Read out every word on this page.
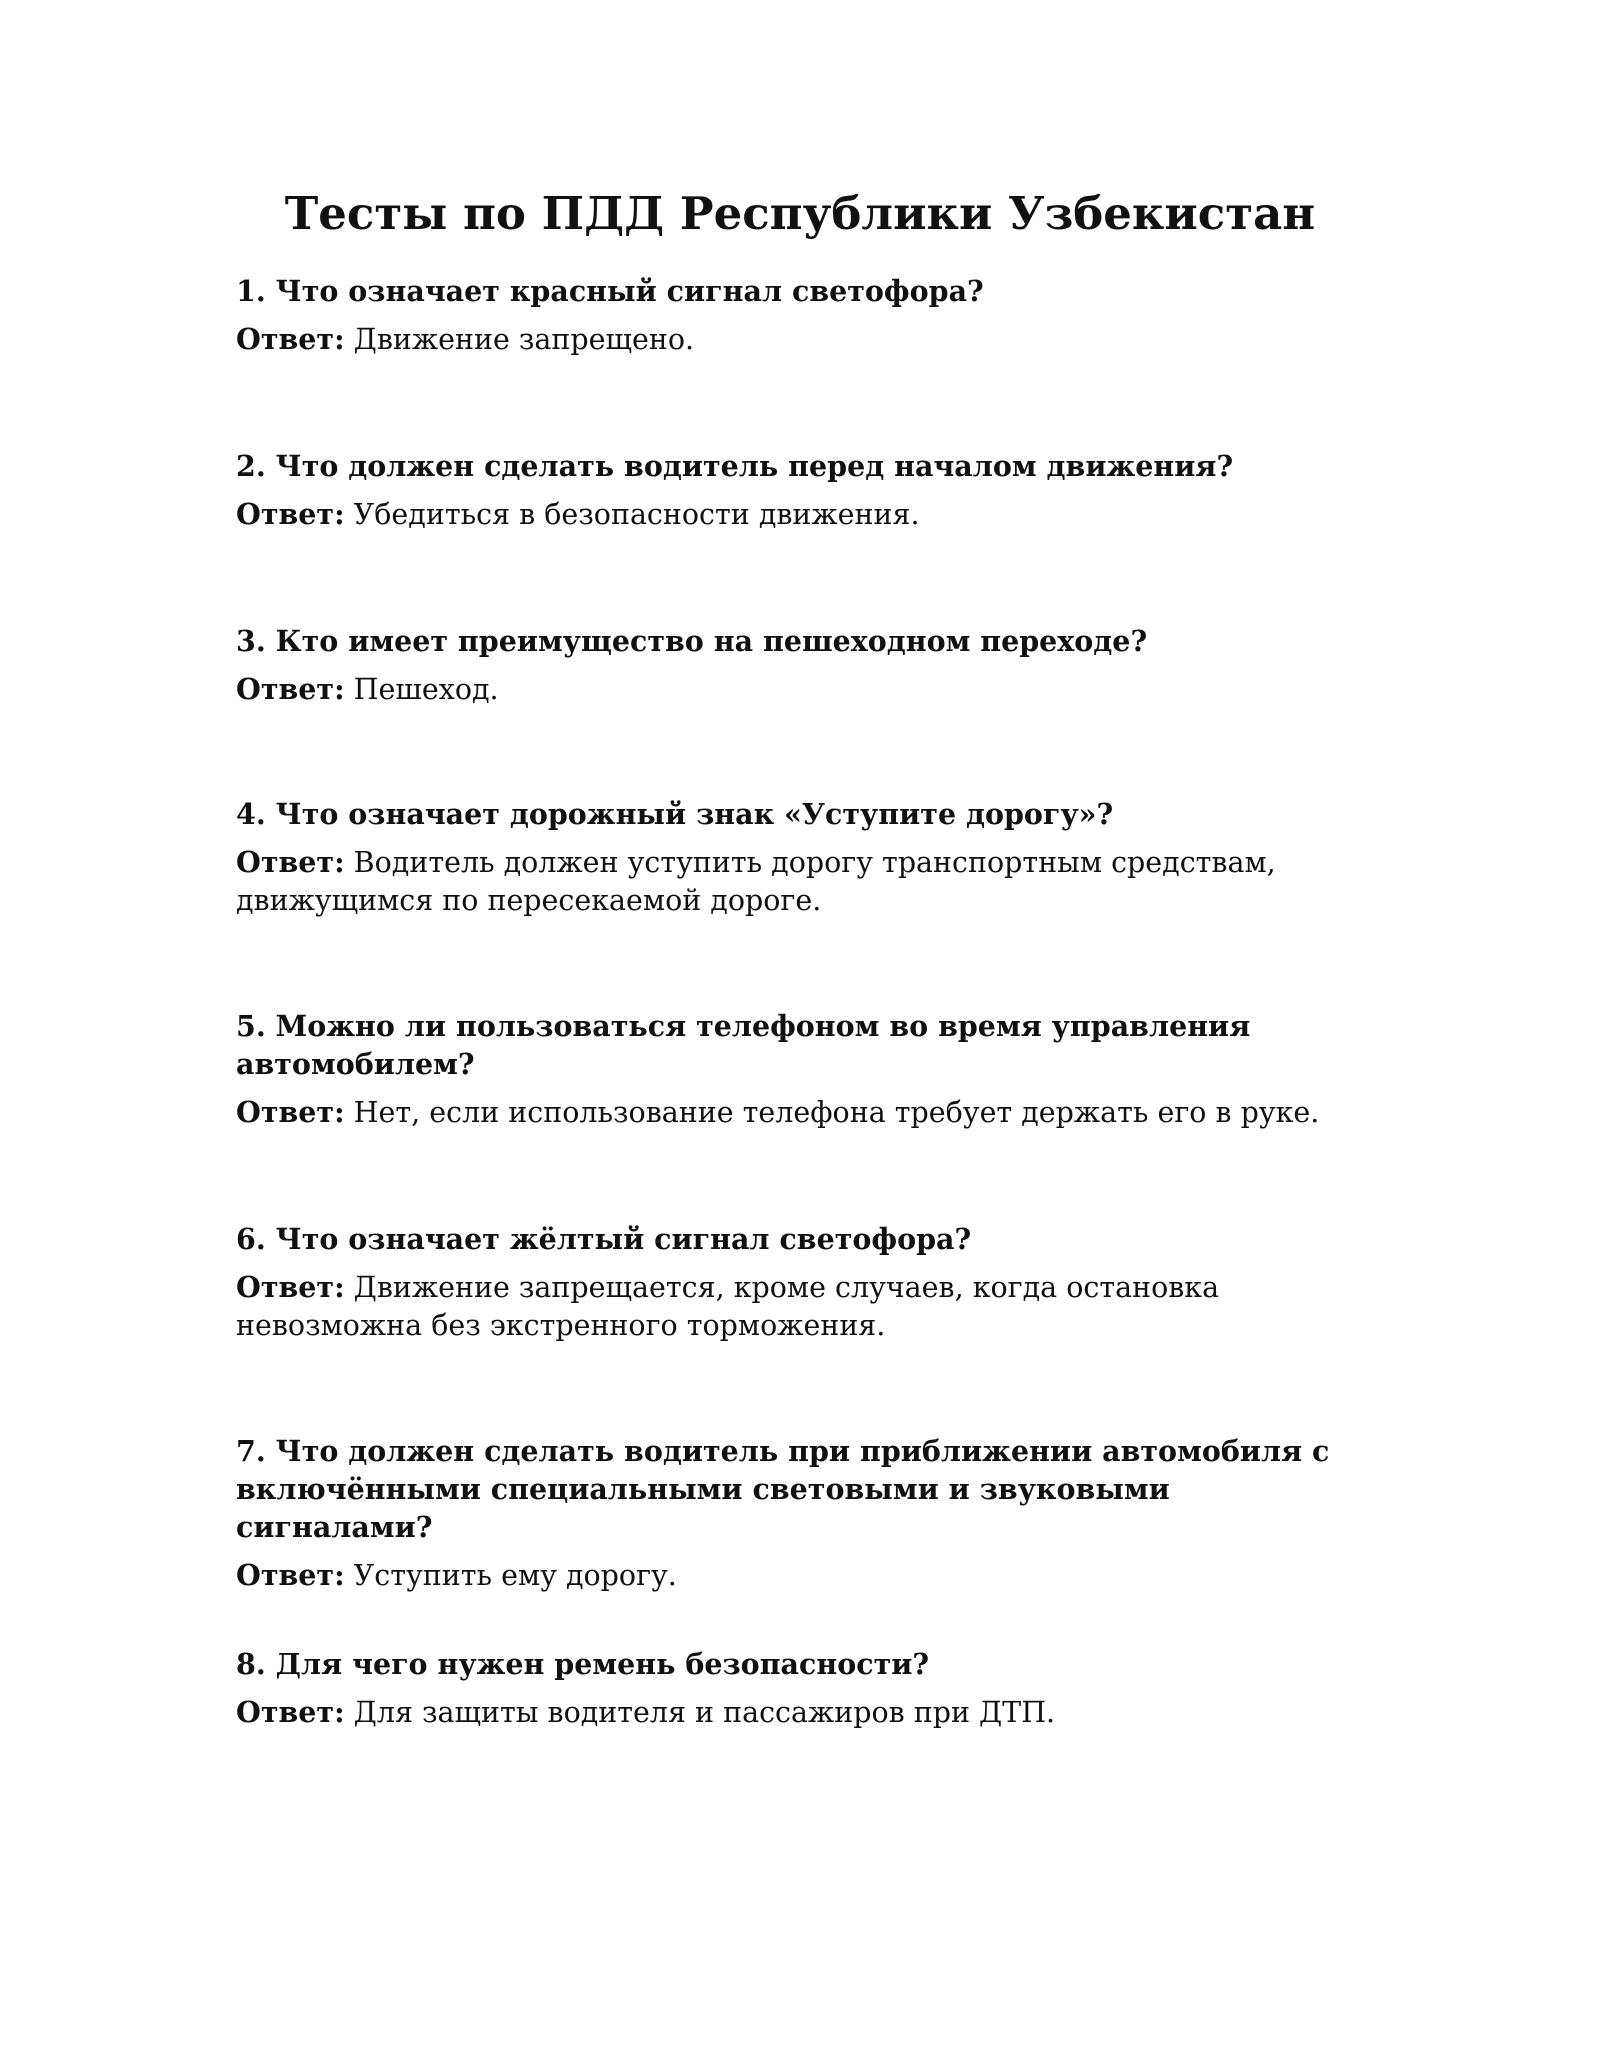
Тесты по ПДД Республики Узбекистан

1. Что означает красный сигнал светофора?

Ответ: Движение запрещено.

2. Что должен сделать водитель перед началом движения?

Ответ: Убедиться в безопасности движения.

3. Кто имеет преимущество на пешеходном переходе?

Ответ: Пешеход.

4. Что означает дорожный знак «Уступите дорогу»?

Ответ: Водитель должен уступить дорогу транспортным средствам, движущимся по пересекаемой дороге.

5. Можно ли пользоваться телефоном во время управления автомобилем?

Ответ: Нет, если использование телефона требует держать его в руке.

6. Что означает жёлтый сигнал светофора?

Ответ: Движение запрещается, кроме случаев, когда остановка невозможна без экстренного торможения.

7. Что должен сделать водитель при приближении автомобиля с включёнными специальными световыми и звуковыми сигналами?

Ответ: Уступить ему дорогу.

8. Для чего нужен ремень безопасности?

Ответ: Для защиты водителя и пассажиров при ДТП.
